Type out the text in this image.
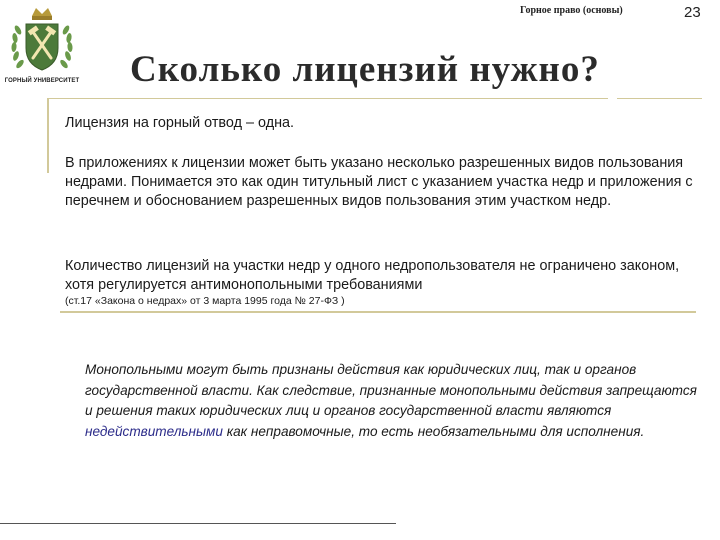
ГОРНЫЙ УНИВЕРСИТЕТ
Горное право (основы)	23
Сколько лицензий нужно?
Лицензия на горный отвод – одна.
В приложениях к лицензии может быть указано несколько разрешенных видов пользования недрами. Понимается это как один титульный лист с указанием участка недр и приложения с перечнем и обоснованием разрешенных видов пользования этим участком недр.
Количество лицензий на участки недр у одного недропользователя не ограничено законом, хотя регулируется антимонопольными требованиями
(ст.17 «Закона о недрах» от 3 марта 1995 года № 27-ФЗ )
Монопольными могут быть признаны действия как юридических лиц, так и органов государственной власти. Как следствие, признанные монопольными действия запрещаются и решения таких юридических лиц и органов государственной власти являются недействительными как неправомочные, то есть необязательными для исполнения.
